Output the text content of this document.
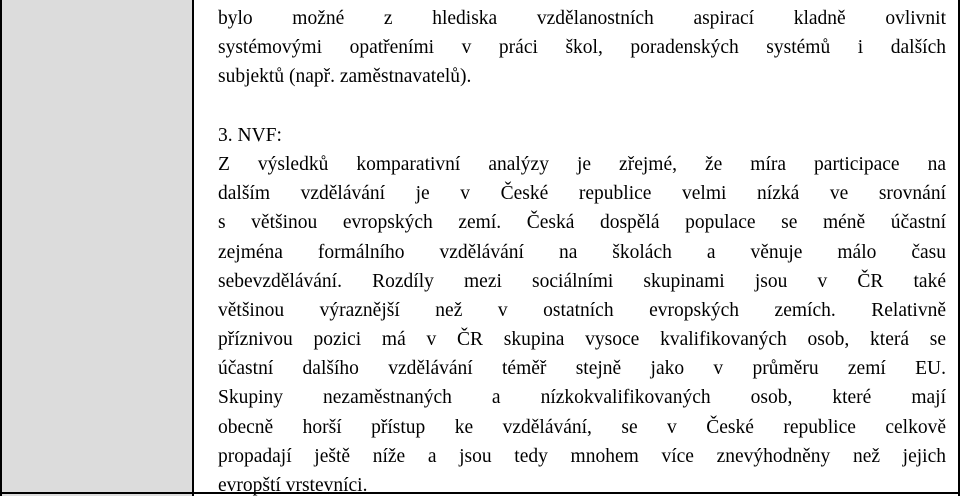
bylo možné z hlediska vzdělanostních aspirací kladně ovlivnit
systémovými opatřeními v práci škol, poradenských systémů i dalších
subjektů (např. zaměstnavatelů).
3. NVF:
Z výsledků komparativní analýzy je zřejmé, že míra participace na
dalším vzdělávání je v České republice velmi nízká ve srovnání
s většinou evropských zemí. Česká dospělá populace se méně účastní
zejména formálního vzdělávání na školách a věnuje málo času
sebevzdělávání. Rozdíly mezi sociálními skupinami jsou v ČR také
většinou výraznější než v ostatních evropských zemích. Relativně
příznivou pozici má v ČR skupina vysoce kvalifikovaných osob, která se
účastní dalšího vzdělávání téměř stejně jako v průměru zemí EU.
Skupiny nezaměstnaných a nízkokvalifikovaných osob, které mají
obecně horší přístup ke vzdělávání, se v České republice celkově
propadají ještě níže a jsou tedy mnohem více znevýhodněny než jejich
evropští vrstevníci.
